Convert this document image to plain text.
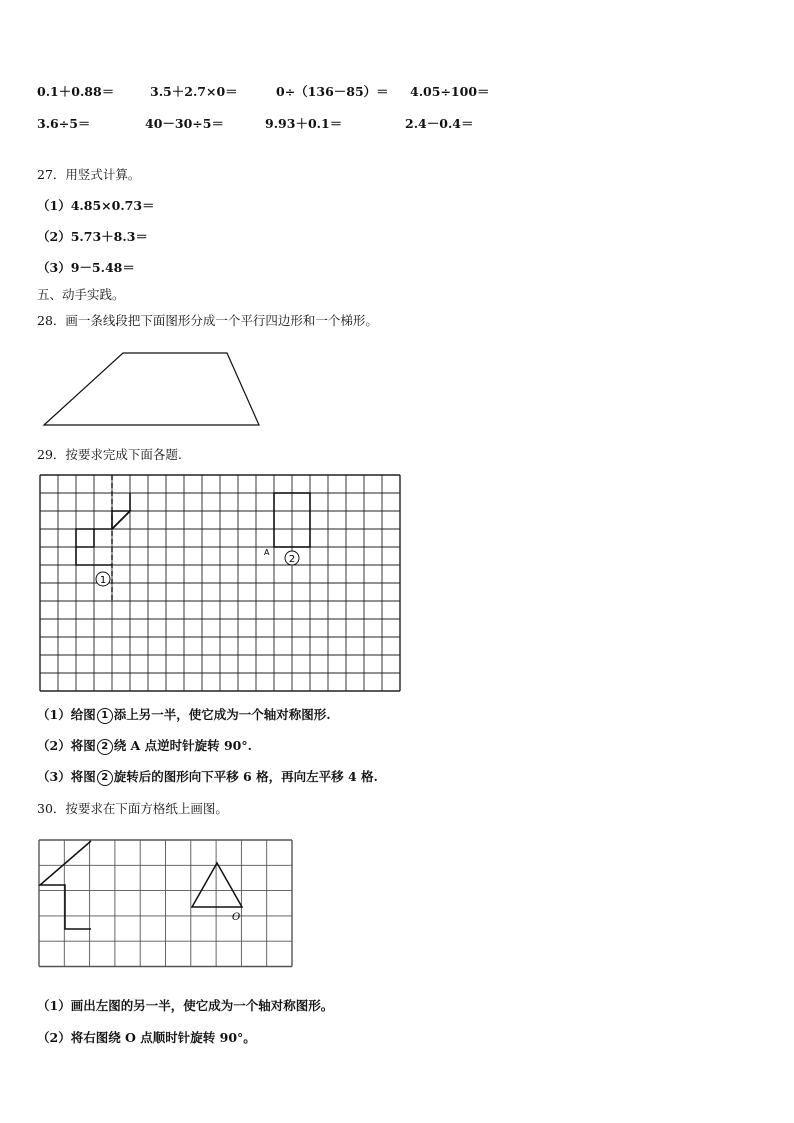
0.1＋0.88＝	3.5＋2.7×0＝	0÷（136－85）＝ 4.05÷100＝
3.6÷5＝	40－30÷5＝	9.93＋0.1＝	2.4－0.4＝
27．用竖式计算。
（1）4.85×0.73＝
（2）5.73＋8.3＝
（3）9－5.48＝
五、动手实践。
28．画一条线段把下面图形分成一个平行四边形和一个梯形。
29．按要求完成下面各题.
1
2
A
（1）给图 1 添上另一半，使它成为一个轴对称图形.
（2）将图 2 绕 A 点逆时针旋转 90°.
（3）将图 2 旋转后的图形向下平移 6 格，再向左平移 4 格.
30．按要求在下面方格纸上画图。
O
（1）画出左图的另一半，使它成为一个轴对称图形。
（2）将右图绕 O 点顺时针旋转 90°。
